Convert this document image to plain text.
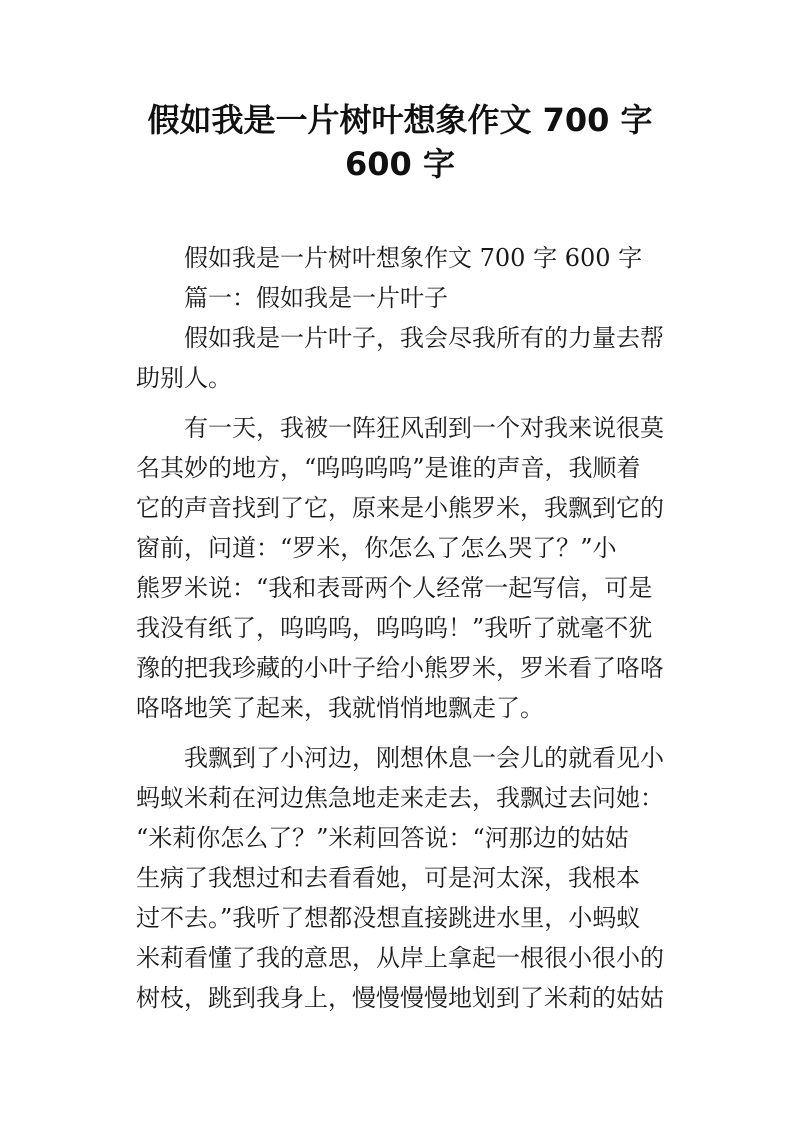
假如我是一片树叶想象作文 700 字
600 字
假如我是一片树叶想象作文 700 字 600 字
篇一：假如我是一片叶子
假如我是一片叶子，我会尽我所有的力量去帮
助别人。
有一天，我被一阵狂风刮到一个对我来说很莫
名其妙的地方，“呜呜呜呜”是谁的声音，我顺着
它的声音找到了它，原来是小熊罗米，我飘到它的
窗前，问道：“罗米，你怎么了怎么哭了？”小
熊罗米说：“我和表哥两个人经常一起写信，可是
我没有纸了，呜呜呜，呜呜呜！”我听了就毫不犹
豫的把我珍藏的小叶子给小熊罗米，罗米看了咯咯
咯咯地笑了起来，我就悄悄地飘走了。
我飘到了小河边，刚想休息一会儿的就看见小
蚂蚁米莉在河边焦急地走来走去，我飘过去问她：
“米莉你怎么了？”米莉回答说：“河那边的姑姑
生病了我想过和去看看她，可是河太深，我根本
过不去。”我听了想都没想直接跳进水里，小蚂蚁
米莉看懂了我的意思，从岸上拿起一根很小很小的
树枝，跳到我身上，慢慢慢慢地划到了米莉的姑姑
